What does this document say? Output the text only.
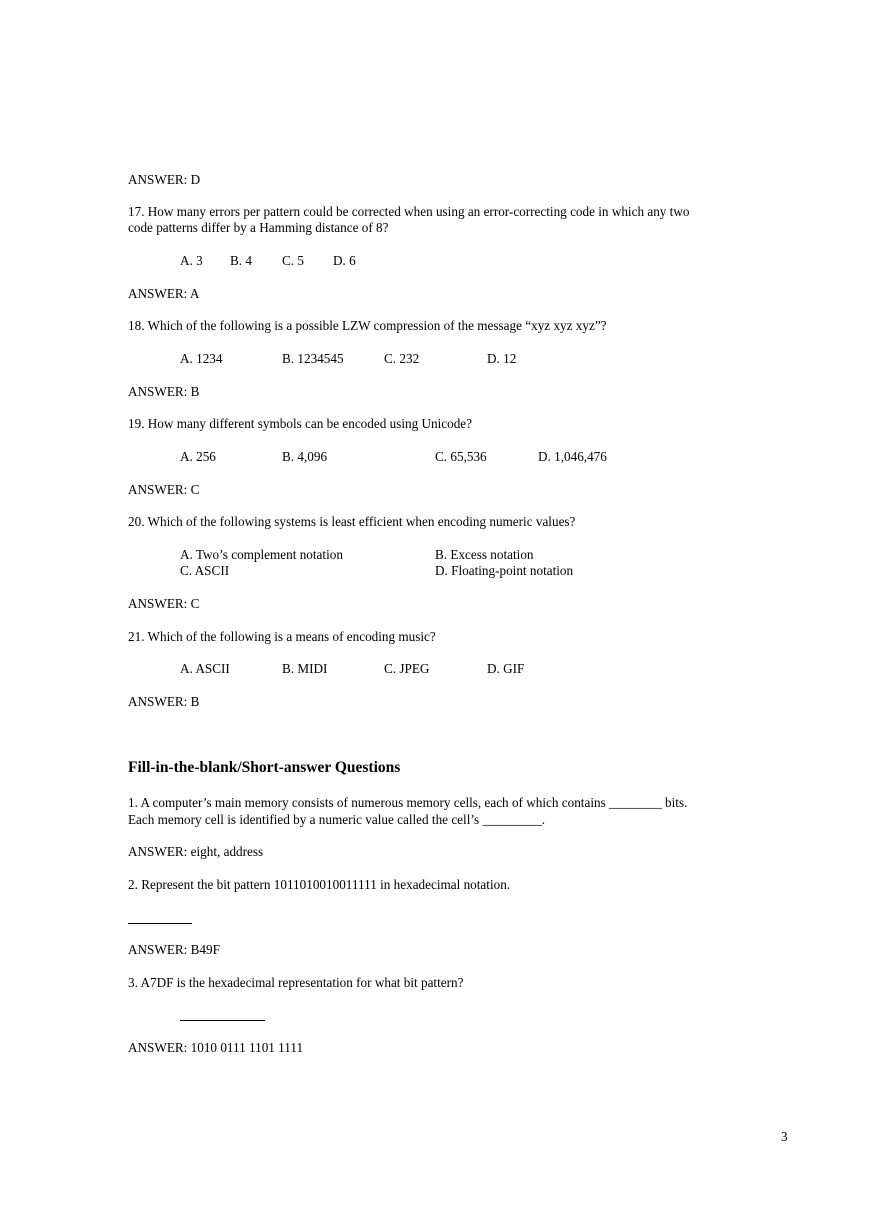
ANSWER: D
17. How many errors per pattern could be corrected when using an error-correcting code in which any two
code patterns differ by a Hamming distance of 8?
A. 3 B. 4 C. 5 D. 6
ANSWER: A
18. Which of the following is a possible LZW compression of the message “xyz xyz xyz”?
A. 1234	B. 1234545	C. 232	D. 12
ANSWER: B
19. How many different symbols can be encoded using Unicode?
A. 256	B. 4,096	C. 65,536	D. 1,046,476
ANSWER: C
20. Which of the following systems is least efficient when encoding numeric values?
A. Two’s complement notation	B. Excess notation
C. ASCII	D. Floating-point notation
ANSWER: C
21. Which of the following is a means of encoding music?
A. ASCII	B. MIDI	C. JPEG	D. GIF
ANSWER: B
Fill-in-the-blank/Short-answer Questions
1. A computer’s main memory consists of numerous memory cells, each of which contains ________ bits.
Each memory cell is identified by a numeric value called the cell’s _________.
ANSWER: eight, address
2. Represent the bit pattern 1011010010011111 in hexadecimal notation.
ANSWER: B49F
3. A7DF is the hexadecimal representation for what bit pattern?
ANSWER: 1010 0111 1101 1111
3
